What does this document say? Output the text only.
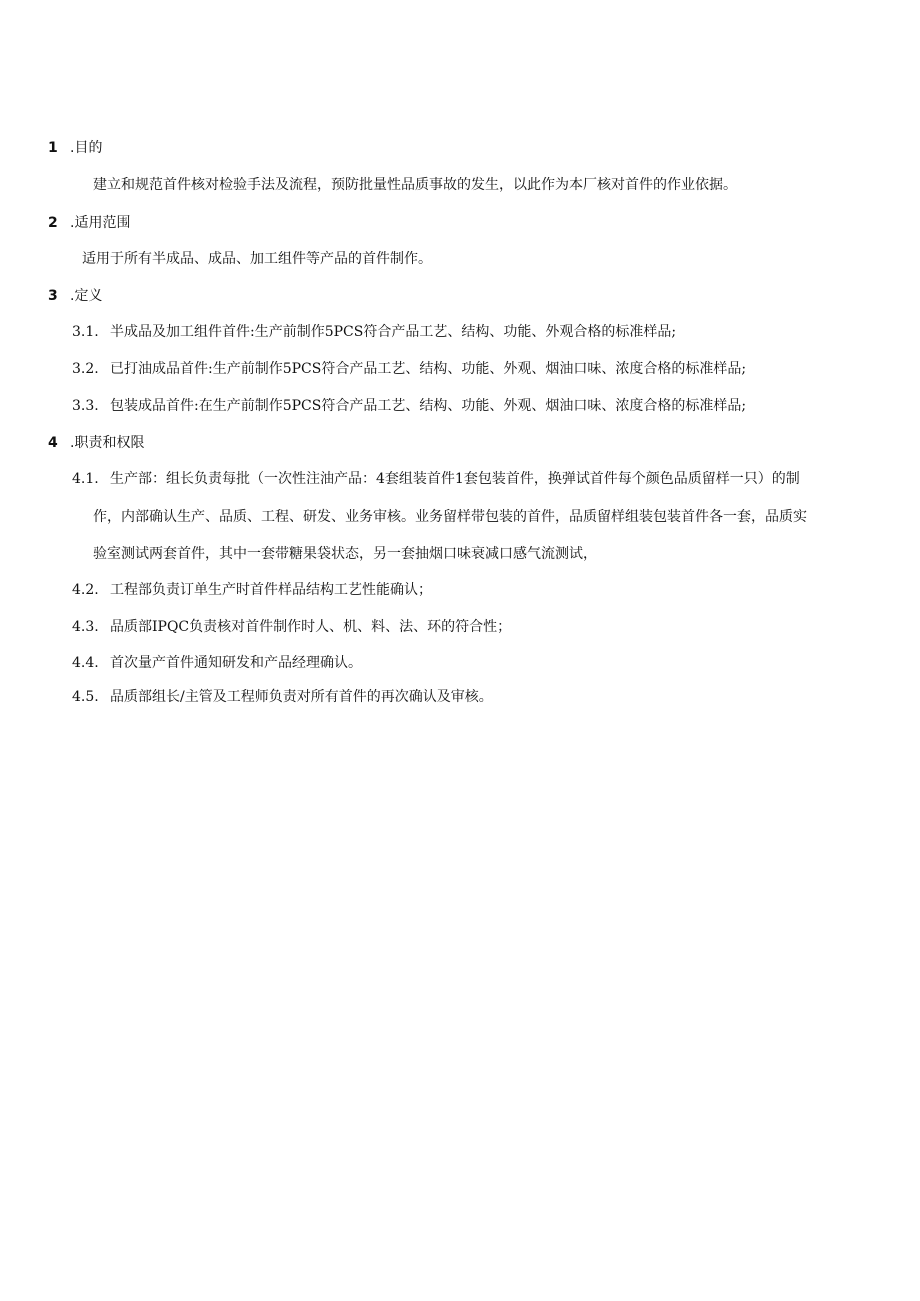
1 .目的
建立和规范首件核对检验手法及流程，预防批量性品质事故的发生，以此作为本厂核对首件的作业依据。
2 .适用范围
适用于所有半成品、成品、加工组件等产品的首件制作。
3 .定义
3.1. 半成品及加工组件首件:生产前制作5PCS符合产品工艺、结构、功能、外观合格的标准样品;
3.2. 已打油成品首件:生产前制作5PCS符合产品工艺、结构、功能、外观、烟油口味、浓度合格的标准样品;
3.3. 包装成品首件:在生产前制作5PCS符合产品工艺、结构、功能、外观、烟油口味、浓度合格的标准样品;
4 .职责和权限
4.1. 生产部：组长负责每批（一次性注油产品：4套组装首件1套包装首件，换弹试首件每个颜色品质留样一只）的制
作，内部确认生产、品质、工程、研发、业务审核。业务留样带包装的首件，品质留样组装包装首件各一套，品质实
验室测试两套首件，其中一套带糖果袋状态，另一套抽烟口味衰减口感气流测试，
4.2. 工程部负责订单生产时首件样品结构工艺性能确认；
4.3. 品质部IPQC负责核对首件制作时人、机、料、法、环的符合性；
4.4. 首次量产首件通知研发和产品经理确认。
4.5. 品质部组长/主管及工程师负责对所有首件的再次确认及审核。
